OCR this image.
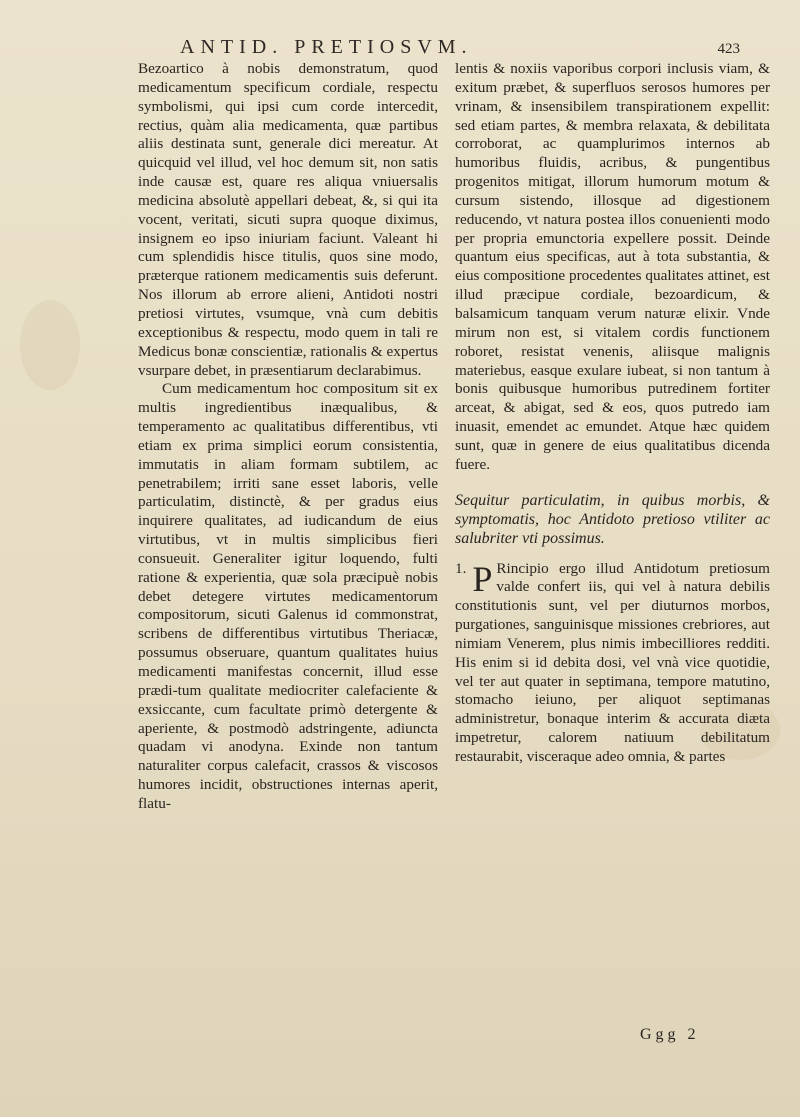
ANTID. PRETIOSVM.	423

Bezoartico à nobis demonstratum, quod medicamentum specificum cordiale, respectu symbolismi, qui ipsi cum corde intercedit, rectius, quàm alia medicamenta, quæ partibus aliis destinata sunt, generale dici mereatur. At quicquid vel illud, vel hoc demum sit, non satis inde causæ est, quare res aliqua vniuersalis medicina absolutè appellari debeat, &, si qui ita vocent, veritati, sicuti supra quoque diximus, insignem eo ipso iniuriam faciunt. Valeant hi cum splendidis hisce titulis, quos sine modo, præterque rationem medicamentis suis deferunt. Nos illorum ab errore alieni, Antidoti nostri pretiosi virtutes, vsumque, vnà cum debitis exceptionibus & respectu, modo quem in tali re Medicus bonæ conscientiæ, rationalis & expertus vsurpare debet, in præsentiarum declarabimus.

Cum medicamentum hoc compositum sit ex multis ingredientibus inæqualibus, & temperamento ac qualitatibus differentibus, vti etiam ex prima simplici eorum consistentia, immutatis in aliam formam subtilem, ac penetrabilem; irriti sane esset laboris, velle particulatim, distinctè, & per gradus eius inquirere qualitates, ad iudicandum de eius virtutibus, vt in multis simplicibus fieri consueuit. Generaliter igitur loquendo, fulti ratione & experientia, quæ sola præcipuè nobis debet detegere virtutes medicamentorum compositorum, sicuti Galenus id commonstrat, scribens de differentibus virtutibus Theriacæ, possumus obseruare, quantum qualitates huius medicamenti manifestas concernit, illud esse prædi-tum qualitate mediocriter calefaciente & exsiccante, cum facultate primò detergente & aperiente, & postmodò adstringente, adiuncta quadam vi anodyna. Exinde non tantum naturaliter corpus calefacit, crassos & viscosos humores incidit, obstructiones internas aperit, flatu-

lentis & noxiis vaporibus corpori inclusis viam, & exitum præbet, & superfluos serosos humores per vrinam, & insensibilem transpirationem expellit: sed etiam partes, & membra relaxata, & debilitata corroborat, ac quamplurimos internos ab humoribus fluidis, acribus, & pungentibus progenitos mitigat, illorum humorum motum & cursum sistendo, illosque ad digestionem reducendo, vt natura postea illos conuenienti modo per propria emunctoria expellere possit. Deinde quantum eius specificas, aut à tota substantia, & eius compositione procedentes qualitates attinet, est illud præcipue cordiale, bezoardicum, & balsamicum tanquam verum naturæ elixir. Vnde mirum non est, si vitalem cordis functionem roboret, resistat venenis, aliisque malignis materiebus, easque exulare iubeat, si non tantum à bonis quibusque humoribus putredinem fortiter arceat, & abigat, sed & eos, quos putredo iam inuasit, emendet ac emundet. Atque hæc quidem sunt, quæ in genere de eius qualitatibus dicenda fuere.

Sequitur particulatim, in quibus morbis, & symptomatis, hoc Antidoto pretioso vtiliter ac salubriter vti possimus.

1. P Rincipio ergo illud Antidotum pretiosum valde confert iis, qui vel à natura debilis constitutionis sunt, vel per diuturnos morbos, purgationes, sanguinisque missiones crebriores, aut nimiam Venerem, plus nimis imbecilliores redditi. His enim si id debita dosi, vel vnà vice quotidie, vel ter aut quater in septimana, tempore matutino, stomacho ieiuno, per aliquot septimanas administretur, bonaque interim & accurata diæta impetretur, calorem natiuum debilitatum restaurabit, visceraque adeo omnia, & partes

Ggg 2
